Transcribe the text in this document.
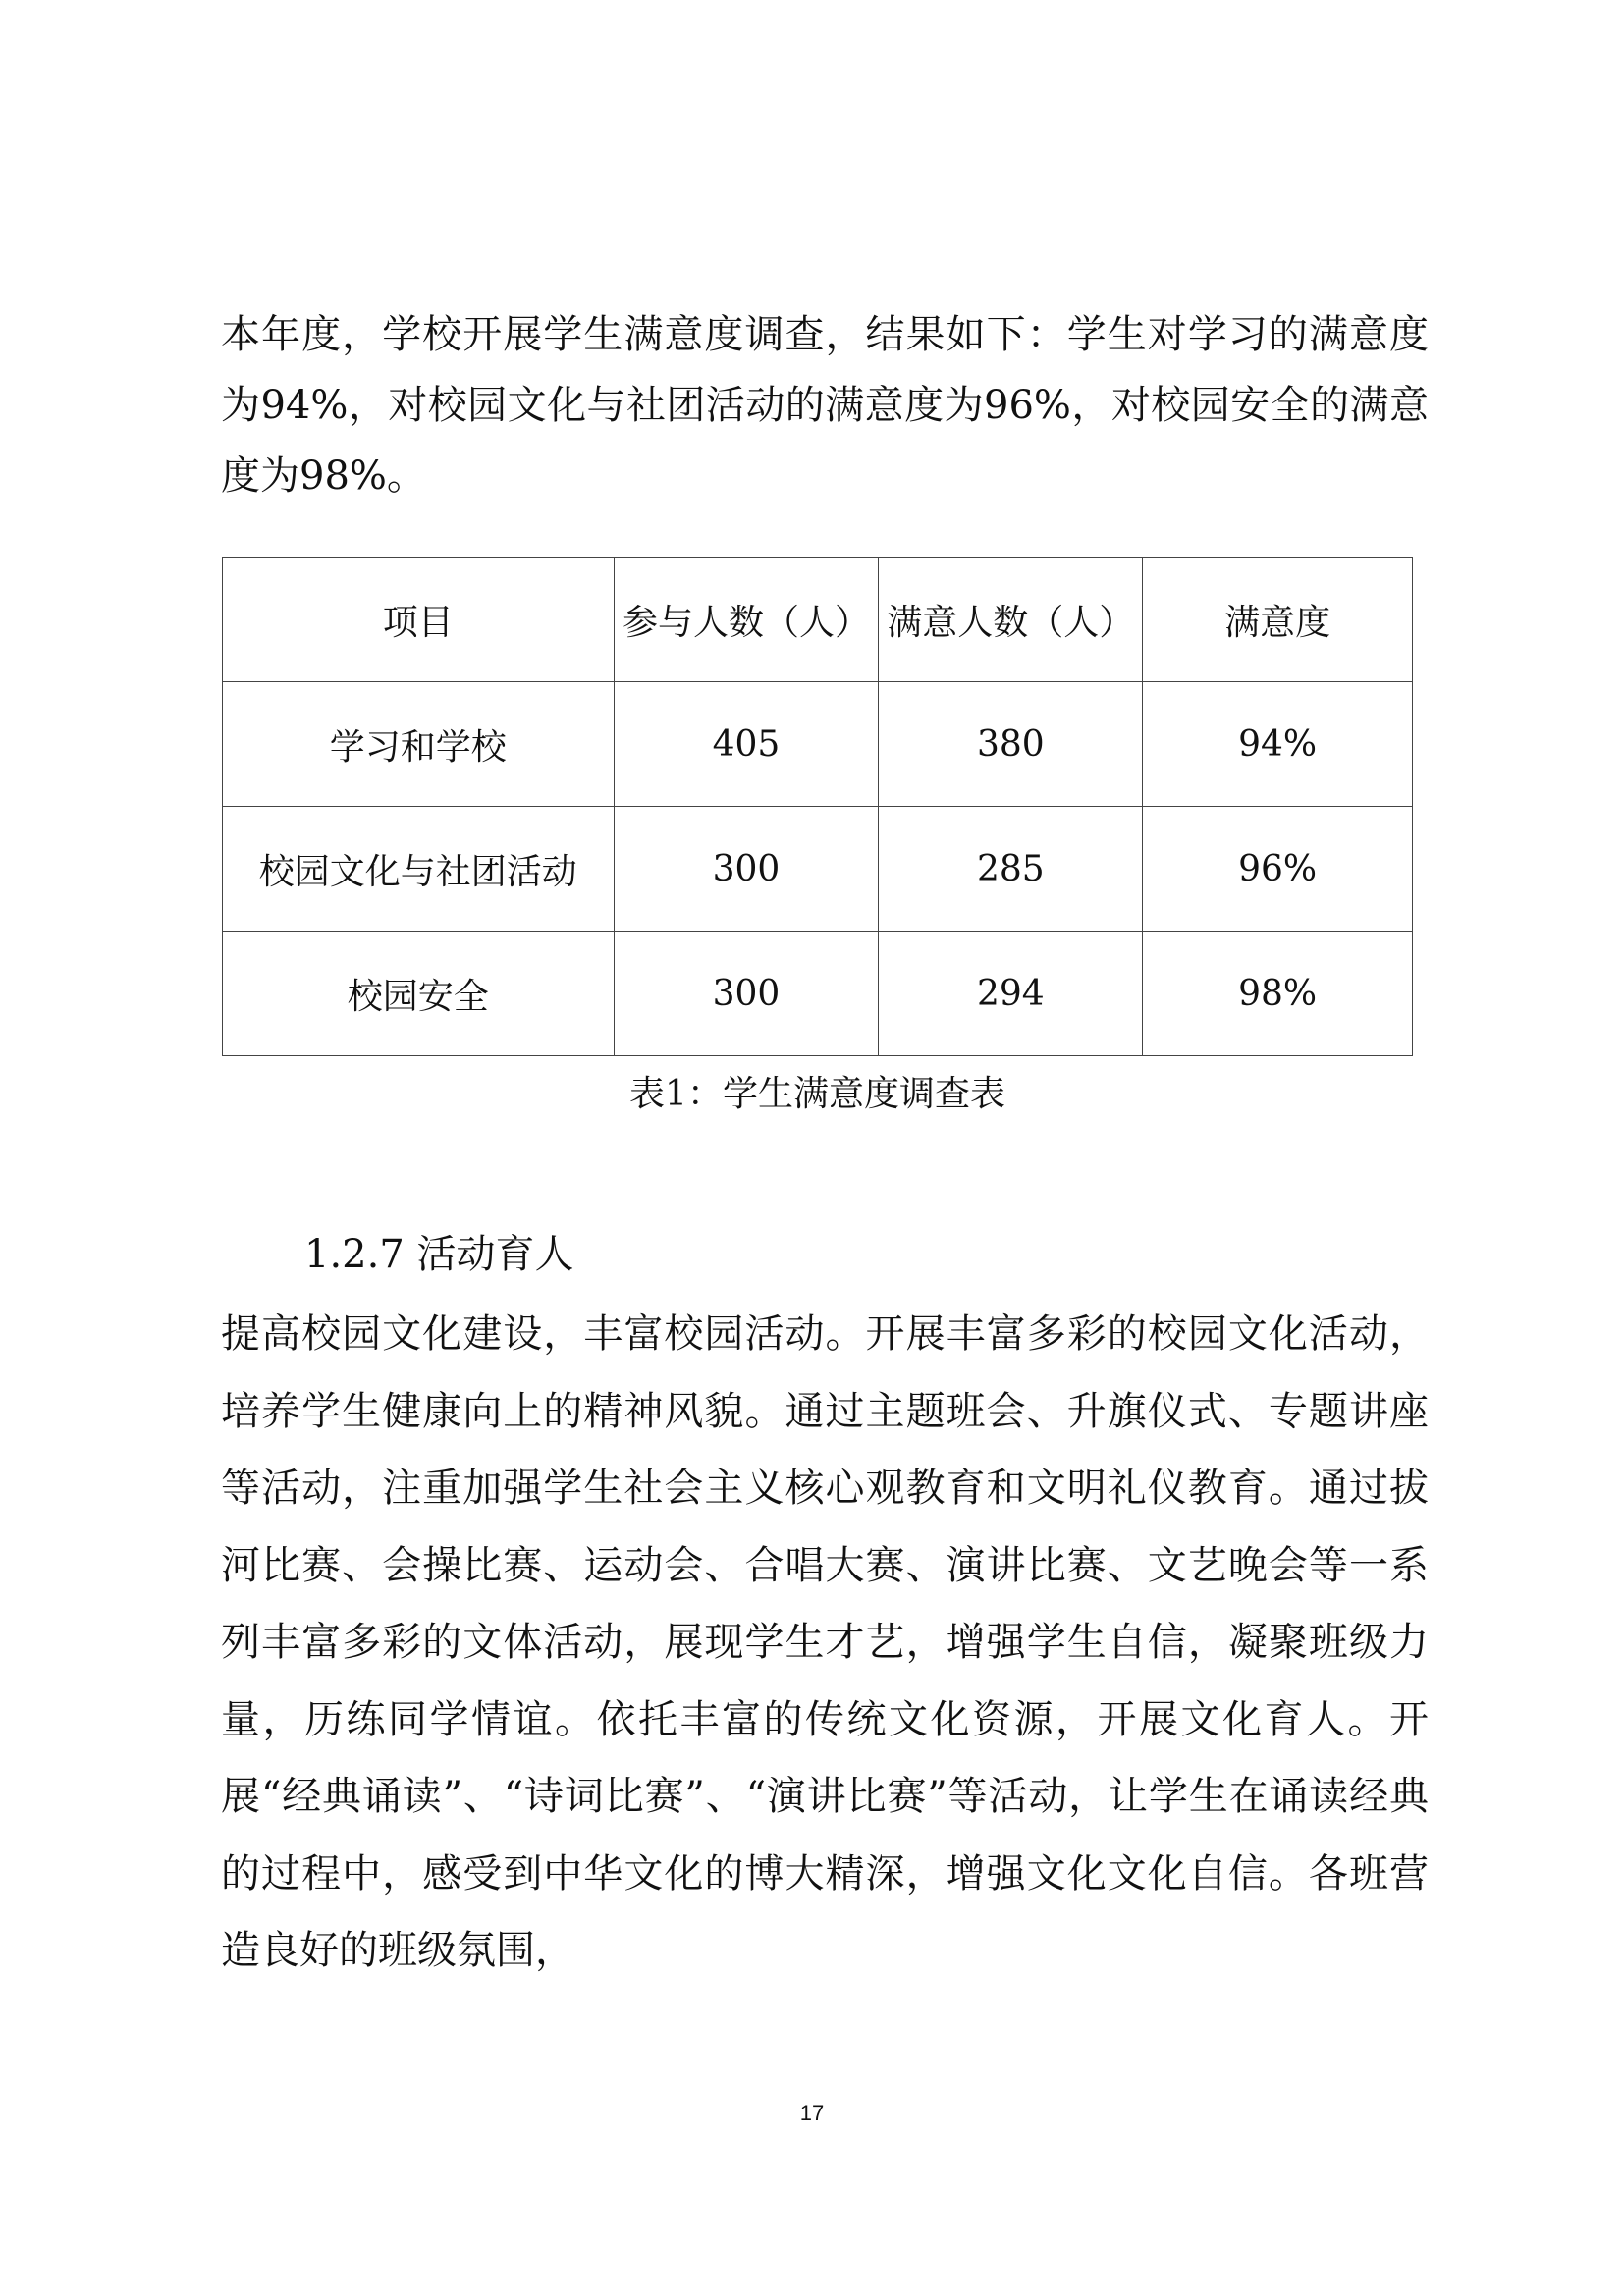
本年度，学校开展学生满意度调查，结果如下：学生对学习的满意度为94%，对校园文化与社团活动的满意度为96%，对校园安全的满意度为98%。

项目	参与人数（人）	满意人数（人）	满意度
学习和学校	405	380	94%
校园文化与社团活动	300	285	96%
校园安全	300	294	98%
表1：学生满意度调查表
1.2.7 活动育人

提高校园文化建设，丰富校园活动。开展丰富多彩的校园文化活动，培养学生健康向上的精神风貌。通过主题班会、升旗仪式、专题讲座等活动，注重加强学生社会主义核心观教育和文明礼仪教育。通过拔河比赛、会操比赛、运动会、合唱大赛、演讲比赛、文艺晚会等一系列丰富多彩的文体活动，展现学生才艺，增强学生自信，凝聚班级力量，历练同学情谊。依托丰富的传统文化资源，开展文化育人。开展“经典诵读”、“诗词比赛”、“演讲比赛”等活动，让学生在诵读经典的过程中，感受到中华文化的博大精深，增强文化文化自信。各班营造良好的班级氛围，

17
